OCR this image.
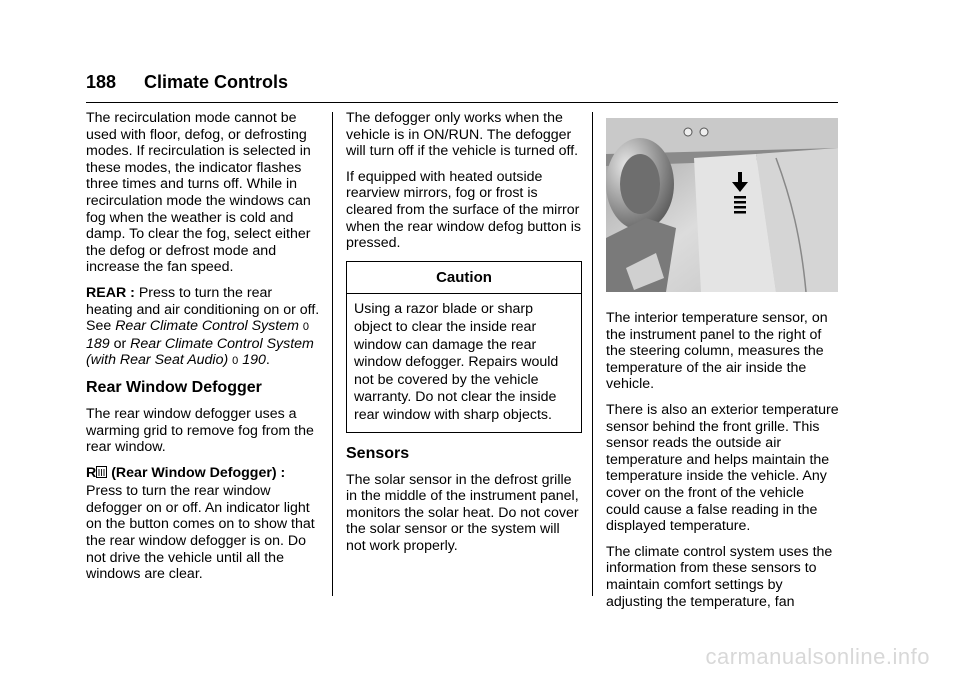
188 Climate Controls

The recirculation mode cannot be used with floor, defog, or defrosting modes. If recirculation is selected in these modes, the indicator flashes three times and turns off. While in recirculation mode the windows can fog when the weather is cold and damp. To clear the fog, select either the defog or defrost mode and increase the fan speed.

REAR : Press to turn the rear heating and air conditioning on or off. See Rear Climate Control System 0 189 or Rear Climate Control System (with Rear Seat Audio) 0 190.

Rear Window Defogger

The rear window defogger uses a warming grid to remove fog from the rear window.

R (Rear Window Defogger) :

Press to turn the rear window defogger on or off. An indicator light on the button comes on to show that the rear window defogger is on. Do not drive the vehicle until all the windows are clear.

The defogger only works when the vehicle is in ON/RUN. The defogger will turn off if the vehicle is turned off.

If equipped with heated outside rearview mirrors, fog or frost is cleared from the surface of the mirror when the rear window defog button is pressed.

Caution
Using a razor blade or sharp object to clear the inside rear window can damage the rear window defogger. Repairs would not be covered by the vehicle warranty. Do not clear the inside rear window with sharp objects.
Sensors

The solar sensor in the defrost grille in the middle of the instrument panel, monitors the solar heat. Do not cover the solar sensor or the system will not work properly.

The interior temperature sensor, on the instrument panel to the right of the steering column, measures the temperature of the air inside the vehicle.

There is also an exterior temperature sensor behind the front grille. This sensor reads the outside air temperature and helps maintain the temperature inside the vehicle. Any cover on the front of the vehicle could cause a false reading in the displayed temperature.

The climate control system uses the information from these sensors to maintain comfort settings by adjusting the temperature, fan

carmanualsonline.info
